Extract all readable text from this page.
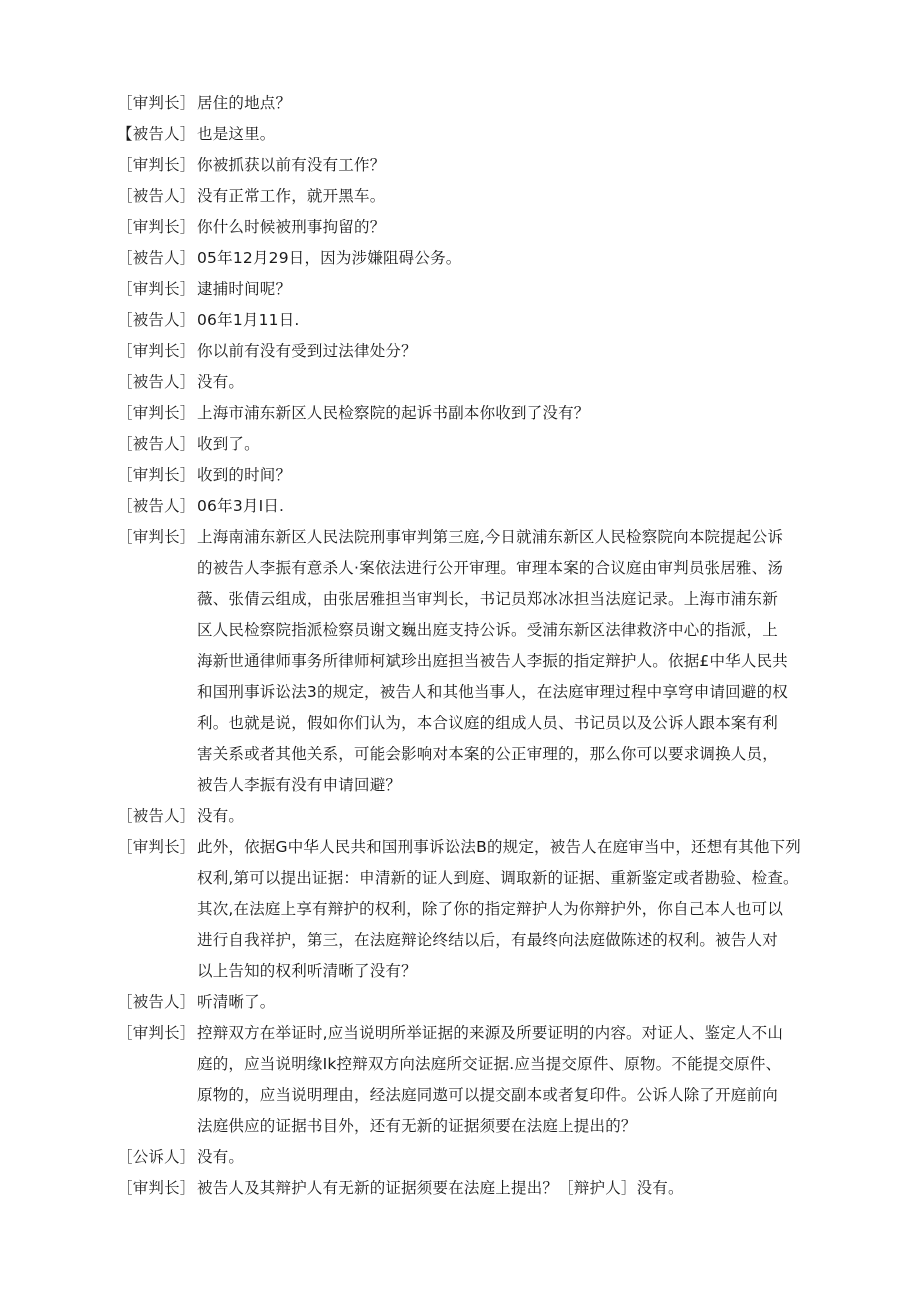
［审判长］ 居住的地点？
【被告人］ 也是这里。
［审判长］ 你被抓获以前有没有工作？
［被告人］ 没有正常工作，就开黑车。
［审判长］ 你什么时候被刑事拘留的？
［被告人］ 05年12月29日，因为涉嫌阻碍公务。
［审判长］ 逮捕时间呢？
［被告人］ 06年1月11日.
［审判长］ 你以前有没有受到过法律处分？
［被告人］ 没有。
［审判长］ 上海市浦东新区人民检察院的起诉书副本你收到了没有？
［被告人］ 收到了。
［审判长］ 收到的时间？
［被告人］ 06年3月I日.
［审判长］ 上海南浦东新区人民法院刑事审判第三庭,今日就浦东新区人民检察院向本院提起公诉
的被告人李振有意杀人·案依法进行公开审理。审理本案的合议庭由审判员张居雅、汤
薇、张倩云组成，由张居雅担当审判长，书记员郑冰冰担当法庭记录。上海市浦东新
区人民检察院指派检察员谢文巍出庭支持公诉。受浦东新区法律救济中心的指派，上
海新世通律师事务所律师柯斌珍出庭担当被告人李振的指定辩护人。依据£中华人民共
和国刑事诉讼法3的规定，被告人和其他当事人，在法庭审理过程中享穹申请回避的权
利。也就是说，假如你们认为，本合议庭的组成人员、书记员以及公诉人跟本案有利
害关系或者其他关系，可能会影响对本案的公正审理的，那么你可以要求调换人员，
被告人李振有没有申请回避？
［被告人］ 没有。
［审判长］ 此外，依据G中华人民共和国刑事诉讼法B的规定，被告人在庭审当中，还想有其他下列
权利,第可以提出证据：申清新的证人到庭、调取新的证据、重新鉴定或者勘验、检查。
其次,在法庭上享有辩护的权利，除了你的指定辩护人为你辩护外，你自己本人也可以
进行自我祥护，第三，在法庭辩论终结以后，有最终向法庭做陈述的权利。被告人对
以上告知的权利听清晰了没有？
［被告人］ 听清晰了。
［审判长］ 控辩双方在举证时,应当说明所举证据的来源及所要证明的内容。对证人、鉴定人不山
庭的，应当说明缘Ik控辩双方向法庭所交证据.应当提交原件、原物。不能提交原件、
原物的，应当说明理由，经法庭同遨可以提交副本或者复印件。公诉人除了开庭前向
法庭供应的证据书目外，还有无新的证据须要在法庭上提出的？
［公诉人］ 没有。
［审判长］ 被告人及其辩护人有无新的证据须要在法庭上提出？［辩护人］没有。
